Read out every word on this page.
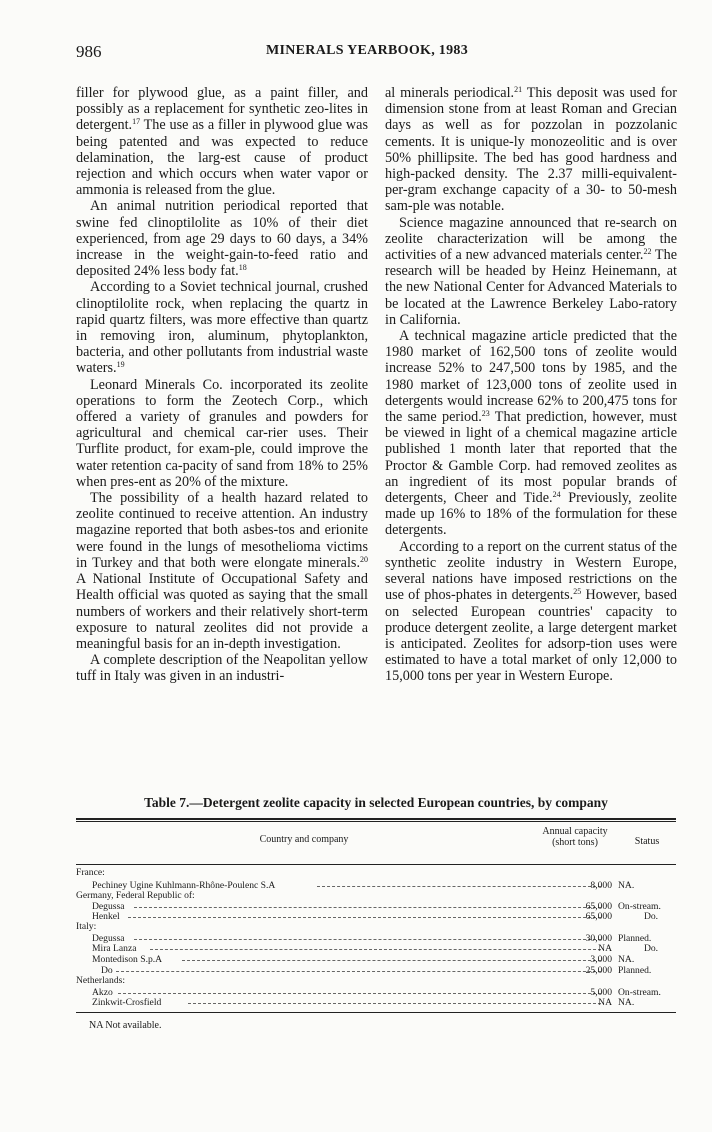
986	MINERALS YEARBOOK, 1983

filler for plywood glue, as a paint filler, and possibly as a replacement for synthetic zeo-lites in detergent.$^{17}$ The use as a filler in plywood glue was being patented and was expected to reduce delamination, the larg-est cause of product rejection and which occurs when water vapor or ammonia is released from the glue.

An animal nutrition periodical reported that swine fed clinoptilolite as 10% of their diet experienced, from age 29 days to 60 days, a 34% increase in the weight-gain-to-feed ratio and deposited 24% less body fat.$^{18}$

According to a Soviet technical journal, crushed clinoptilolite rock, when replacing the quartz in rapid quartz filters, was more effective than quartz in removing iron, aluminum, phytoplankton, bacteria, and other pollutants from industrial waste waters.$^{19}$

Leonard Minerals Co. incorporated its zeolite operations to form the Zeotech Corp., which offered a variety of granules and powders for agricultural and chemical car-rier uses. Their Turflite product, for exam-ple, could improve the water retention ca-pacity of sand from 18% to 25% when pres-ent as 20% of the mixture.

The possibility of a health hazard related to zeolite continued to receive attention. An industry magazine reported that both asbes-tos and erionite were found in the lungs of mesothelioma victims in Turkey and that both were elongate minerals.$^{20}$ A National Institute of Occupational Safety and Health official was quoted as saying that the small numbers of workers and their relatively short-term exposure to natural zeolites did not provide a meaningful basis for an in-depth investigation.

A complete description of the Neapolitan yellow tuff in Italy was given in an industri-

al minerals periodical.$^{21}$ This deposit was used for dimension stone from at least Roman and Grecian days as well as for pozzolan in pozzolanic cements. It is unique-ly monozeolitic and is over 50% phillipsite. The bed has good hardness and high-packed density. The 2.37 milli-equivalent-per-gram exchange capacity of a 30- to 50-mesh sam-ple was notable.

Science magazine announced that re-search on zeolite characterization will be among the activities of a new advanced materials center.$^{22}$ The research will be headed by Heinz Heinemann, at the new National Center for Advanced Materials to be located at the Lawrence Berkeley Labo-ratory in California.

A technical magazine article predicted that the 1980 market of 162,500 tons of zeolite would increase 52% to 247,500 tons by 1985, and the 1980 market of 123,000 tons of zeolite used in detergents would increase 62% to 200,475 tons for the same period.$^{23}$ That prediction, however, must be viewed in light of a chemical magazine article published 1 month later that reported that the Proctor & Gamble Corp. had removed zeolites as an ingredient of its most popular brands of detergents, Cheer and Tide.$^{24}$ Previously, zeolite made up 16% to 18% of the formulation for these detergents.

According to a report on the current status of the synthetic zeolite industry in Western Europe, several nations have imposed restrictions on the use of phos-phates in detergents.$^{25}$ However, based on selected European countries' capacity to produce detergent zeolite, a large detergent market is anticipated. Zeolites for adsorp-tion uses were estimated to have a total market of only 12,000 to 15,000 tons per year in Western Europe.

Table 7.—Detergent zeolite capacity in selected European countries, by company
Country and company
Annual capacity (short tons)	Status
France:
Pechiney Ugine Kuhlmann-Rhône-Poulenc S.A	8,000 NA.
Germany, Federal Republic of:
Degussa	65,000 On-stream.
Henkel	65,000	Do.
Italy:
Degussa	30,000 Planned.
Mira Lanza	NA	Do.
Montedison S.p.A	3,000 NA.
Do	25,000 Planned.
Netherlands:
Akzo	5,000 On-stream.
Zinkwit-Crosfield	NA NA.
NA Not available.
